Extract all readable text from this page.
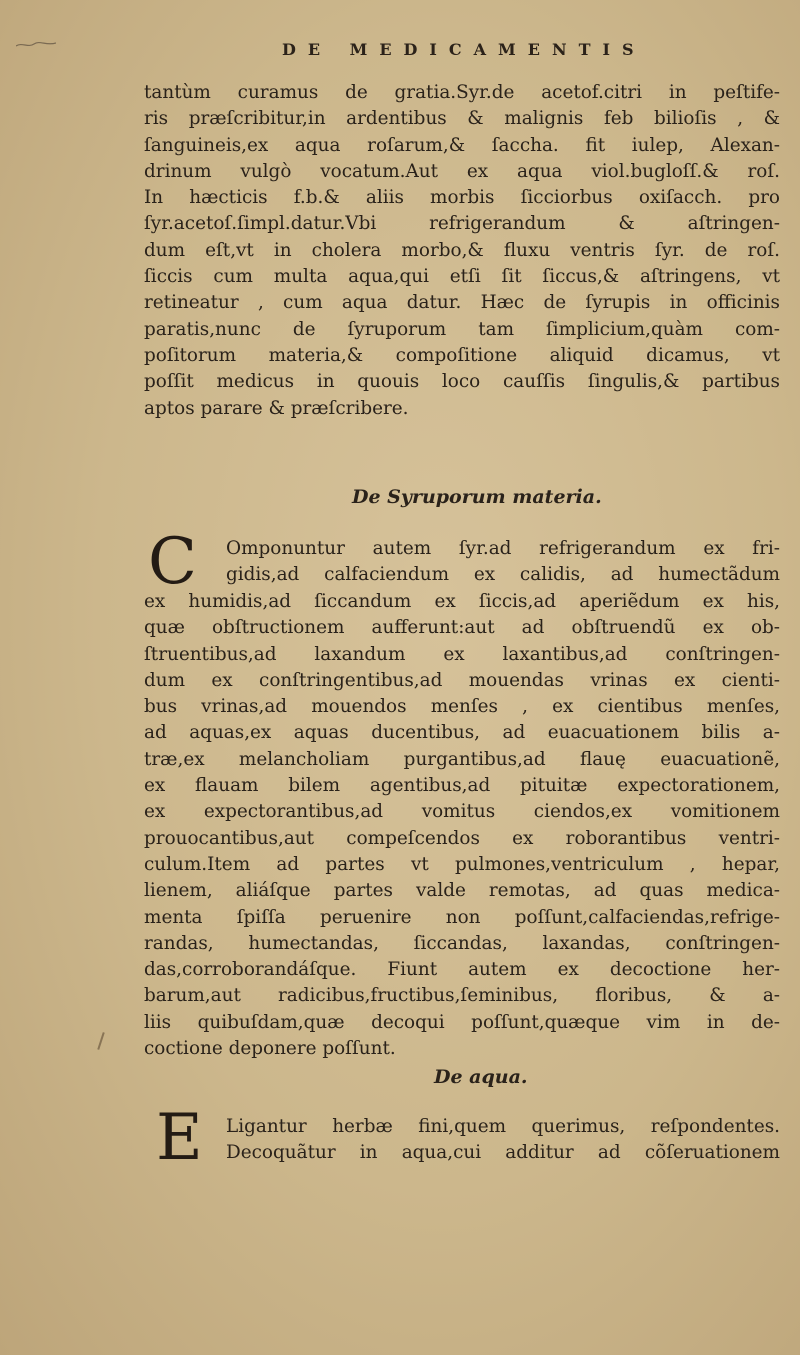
DE MEDICAMENTIS
tantùm curamus de gratia.Syr.de acetof.citri in peſtife-
ris præſcribitur,in ardentibus & malignis feb bilioſis , &
ſanguineis,ex aqua roſarum,& ſaccha. fit iulep, Alexan-
drinum vulgò vocatum.Aut ex aqua viol.bugloſſ.& roſ.
In hæcticis f.b.& aliis morbis ſicciorbus oxiſacch. pro
ſyr.acetoſ.ſimpl.datur.Vbi refrigerandum & aſtringen-
dum eſt,vt in cholera morbo,& fluxu ventris ſyr. de roſ.
ſiccis cum multa aqua,qui etſi ſit ſiccus,& aſtringens, vt
retineatur , cum aqua datur. Hæc de ſyrupis in officinis
paratis,nunc de ſyruporum tam ſimplicium,quàm com-
poſitorum materia,& compoſitione aliquid dicamus, vt
poſſit medicus in quouis loco cauſſis ſingulis,& partibus
aptos parare & præſcribere.
De Syruporum materia.
C Omponuntur autem ſyr.ad refrigerandum ex fri-
gidis,ad calfaciendum ex calidis, ad humectãdum
ex humidis,ad ſiccandum ex ſiccis,ad aperiẽdum ex his,
quæ obſtructionem aufferunt:aut ad obſtruendũ ex ob-
ſtruentibus,ad laxandum ex laxantibus,ad conſtringen-
dum ex conſtringentibus,ad mouendas vrinas ex cienti-
bus vrinas,ad mouendos menſes , ex cientibus menſes,
ad aquas,ex aquas ducentibus, ad euacuationem bilis a-
træ,ex melancholiam purgantibus,ad flauę euacuationẽ,
ex flauam bilem agentibus,ad pituitæ expectorationem,
ex expectorantibus,ad vomitus ciendos,ex vomitionem
prouocantibus,aut compeſcendos ex roborantibus ventri-
culum.Item ad partes vt pulmones,ventriculum , hepar,
lienem, aliáſque partes valde remotas, ad quas medica-
menta ſpiſſa peruenire non poſſunt,calfaciendas,refrige-
randas, humectandas, ſiccandas, laxandas, conſtringen-
das,corroborandáſque. Fiunt autem ex decoctione her-
barum,aut radicibus,fructibus,ſeminibus, floribus, & a-
liis quibuſdam,quæ decoqui poſſunt,quæque vim in de-
coctione deponere poſſunt.
De aqua.
E Ligantur herbæ fini,quem querimus, reſpondentes.
Decoquãtur in aqua,cui additur ad cõſeruationem
